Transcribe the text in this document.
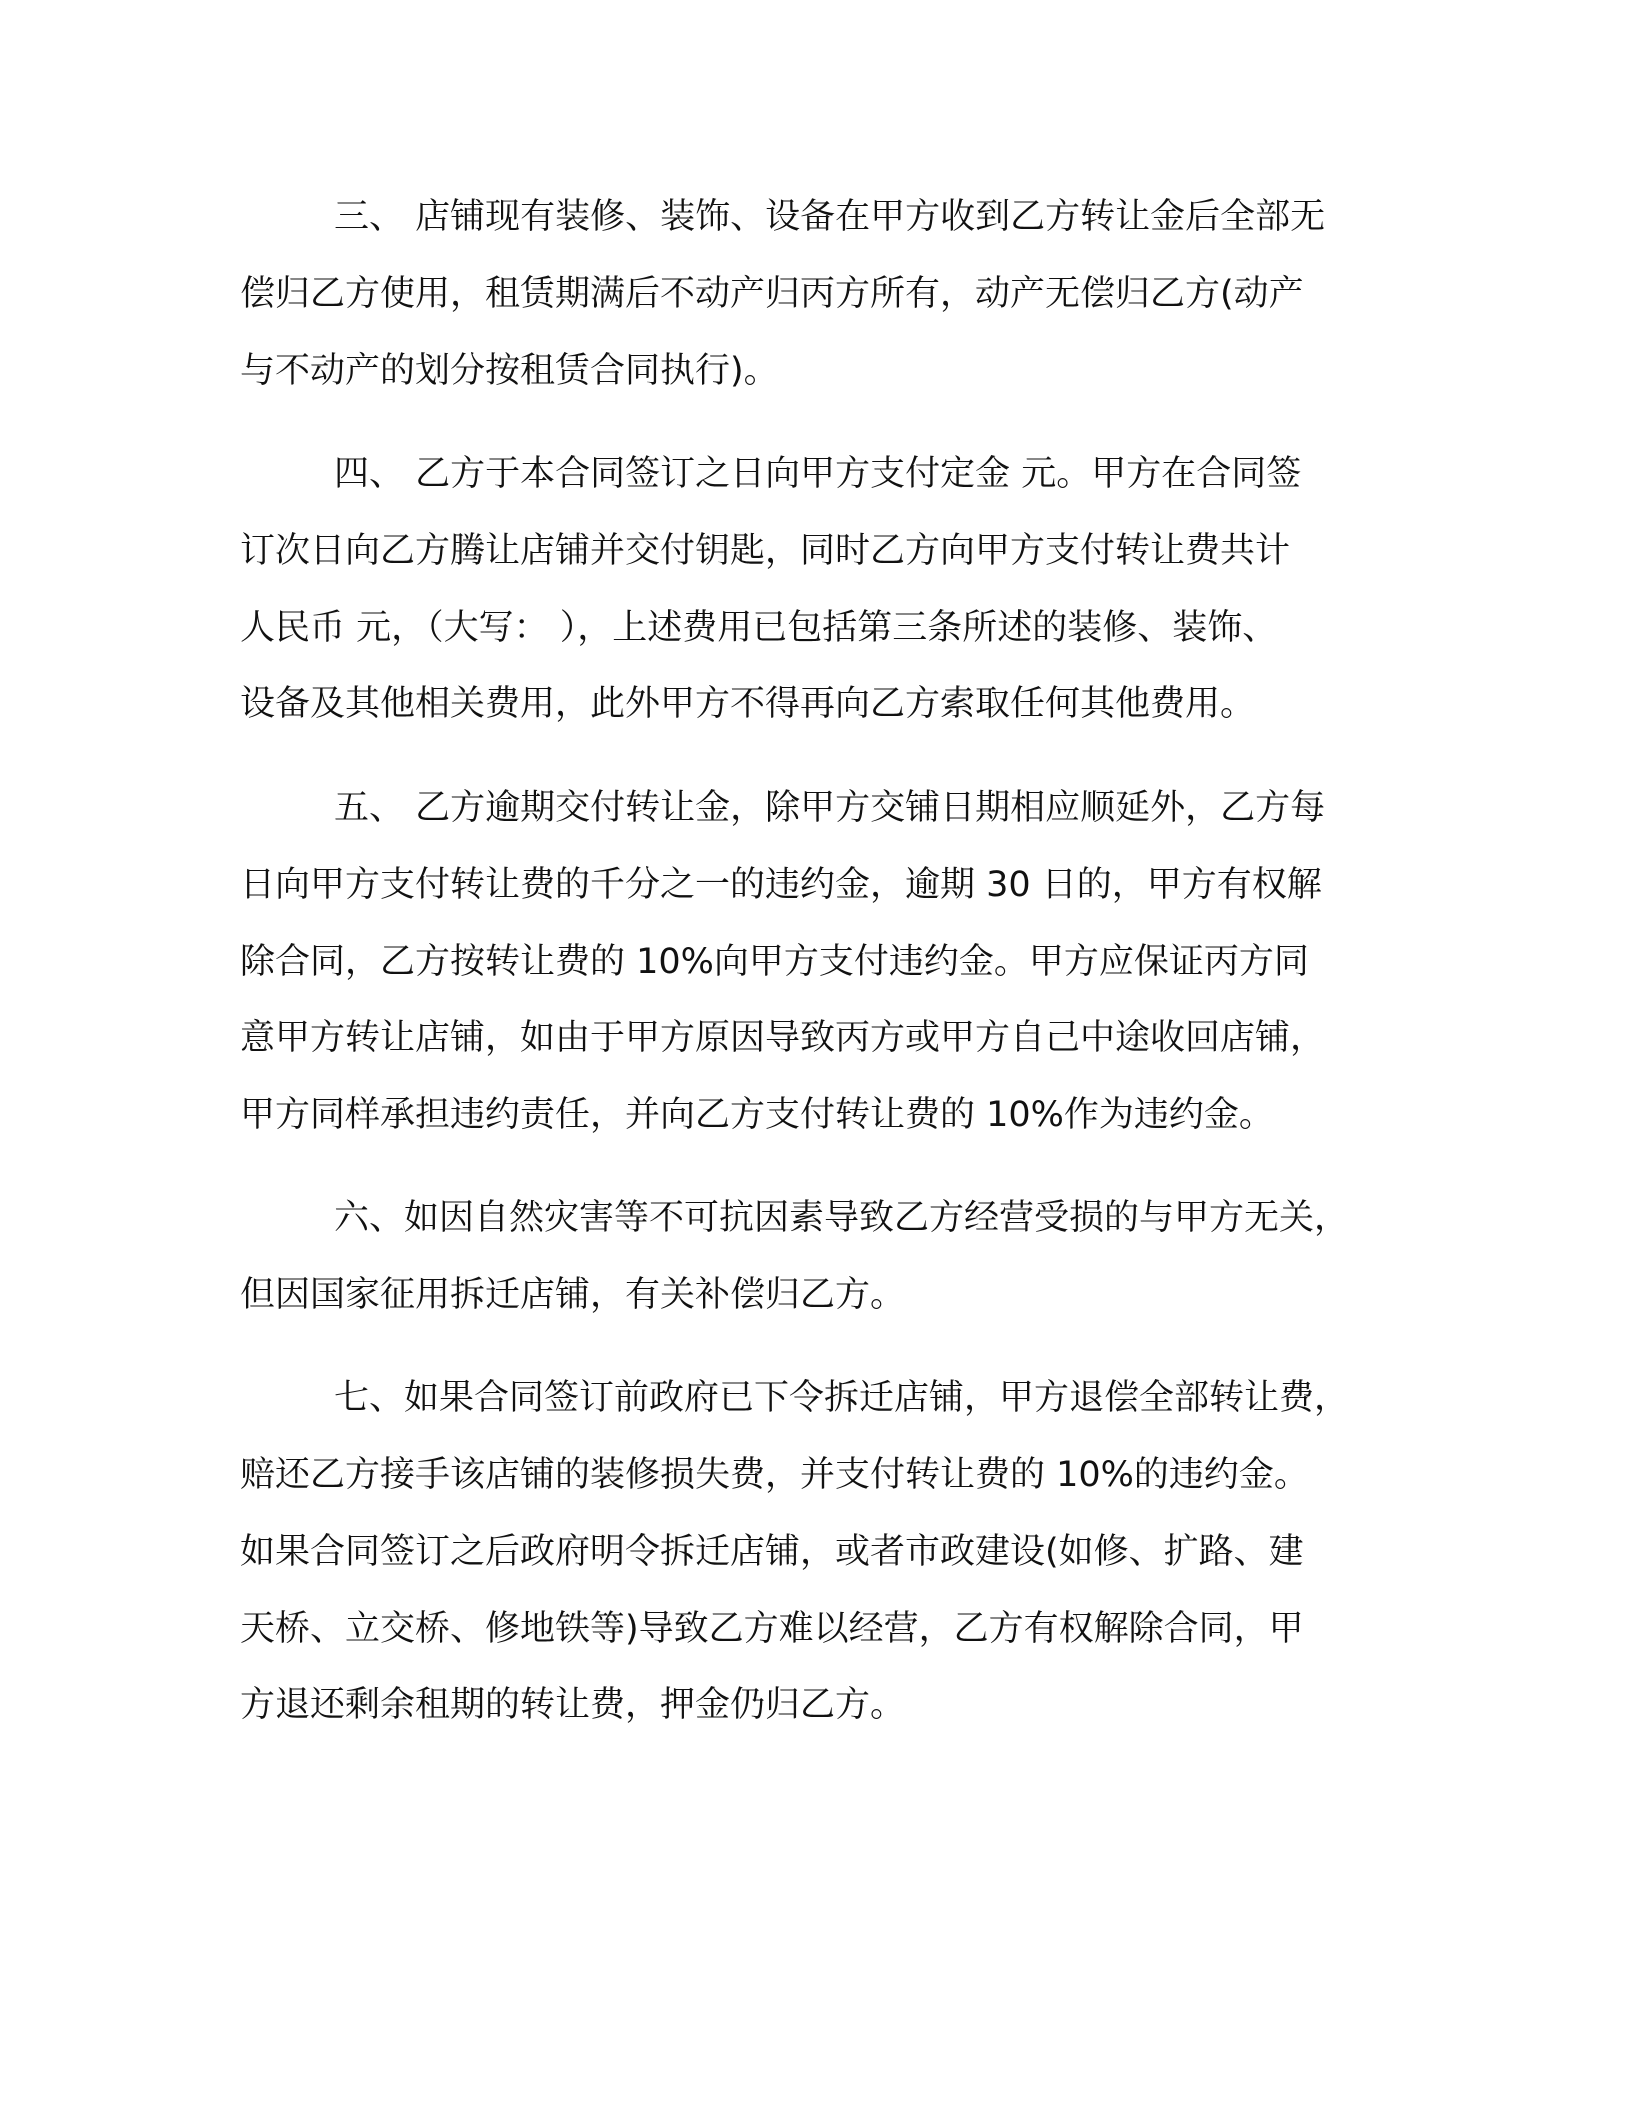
三、 店铺现有装修、装饰、设备在甲方收到乙方转让金后全部无
偿归乙方使用，租赁期满后不动产归丙方所有，动产无偿归乙方(动产
与不动产的划分按租赁合同执行)。
四、 乙方于本合同签订之日向甲方支付定金 元。甲方在合同签
订次日向乙方腾让店铺并交付钥匙，同时乙方向甲方支付转让费共计
人民币 元，（大写： ），上述费用已包括第三条所述的装修、装饰、
设备及其他相关费用，此外甲方不得再向乙方索取任何其他费用。
五、 乙方逾期交付转让金，除甲方交铺日期相应顺延外，乙方每
日向甲方支付转让费的千分之一的违约金，逾期 30 日的，甲方有权解
除合同，乙方按转让费的 10%向甲方支付违约金。甲方应保证丙方同
意甲方转让店铺，如由于甲方原因导致丙方或甲方自己中途收回店铺，
甲方同样承担违约责任，并向乙方支付转让费的 10%作为违约金。
六、如因自然灾害等不可抗因素导致乙方经营受损的与甲方无关，
但因国家征用拆迁店铺，有关补偿归乙方。
七、如果合同签订前政府已下令拆迁店铺，甲方退偿全部转让费，
赔还乙方接手该店铺的装修损失费，并支付转让费的 10%的违约金。
如果合同签订之后政府明令拆迁店铺，或者市政建设(如修、扩路、建
天桥、立交桥、修地铁等)导致乙方难以经营，乙方有权解除合同，甲
方退还剩余租期的转让费，押金仍归乙方。
